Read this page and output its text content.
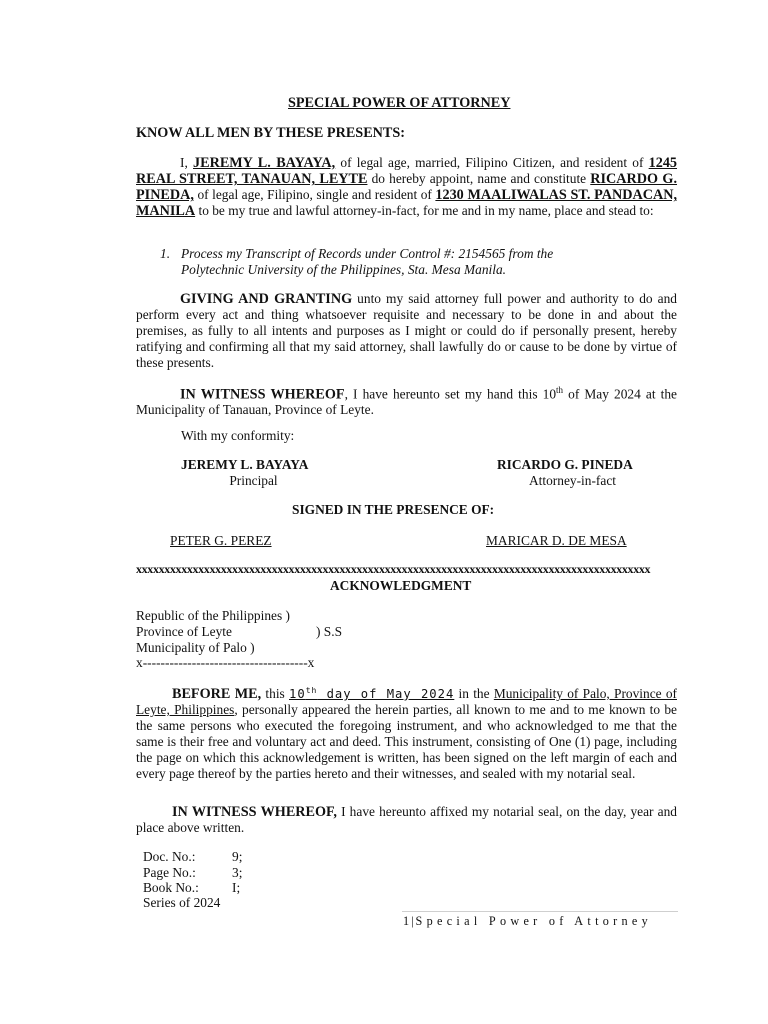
SPECIAL POWER OF ATTORNEY
KNOW ALL MEN BY THESE PRESENTS:
I, JEREMY L. BAYAYA, of legal age, married, Filipino Citizen, and resident of 1245 REAL STREET, TANAUAN, LEYTE do hereby appoint, name and constitute RICARDO G. PINEDA, of legal age, Filipino, single and resident of 1230 MAALIWALAS ST. PANDACAN, MANILA to be my true and lawful attorney-in-fact, for me and in my name, place and stead to:
1. Process my Transcript of Records under Control #: 2154565 from the
Polytechnic University of the Philippines, Sta. Mesa Manila.
GIVING AND GRANTING unto my said attorney full power and authority to do and perform every act and thing whatsoever requisite and necessary to be done in and about the premises, as fully to all intents and purposes as I might or could do if personally present, hereby ratifying and confirming all that my said attorney, shall lawfully do or cause to be done by virtue of these presents.
IN WITNESS WHEREOF, I have hereunto set my hand this 10th of May 2024 at the Municipality of Tanauan, Province of Leyte.
With my conformity:
JEREMY L. BAYAYA
Principal
RICARDO G. PINEDA
Attorney-in-fact
SIGNED IN THE PRESENCE OF:
PETER G. PEREZ	MARICAR D. DE MESA
xxxxxxxxxxxxxxxxxxxxxxxxxxxxxxxxxxxxxxxxxxxxxxxxxxxxxxxxxxxxxxxxxxxxxxxxxxxxxxxxxxxxxxxxxxx
ACKNOWLEDGMENT
Republic of the Philippines )
Province of Leyte	) S.S
Municipality of Palo )
x-------------------------------------x
BEFORE ME, this 10th day of May 2024 in the Municipality of Palo, Province of Leyte, Philippines, personally appeared the herein parties, all known to me and to me known to be the same persons who executed the foregoing instrument, and who acknowledged to me that the same is their free and voluntary act and deed. This instrument, consisting of One (1) page, including the page on which this acknowledgement is written, has been signed on the left margin of each and every page thereof by the parties hereto and their witnesses, and sealed with my notarial seal.
IN WITNESS WHEREOF, I have hereunto affixed my notarial seal, on the day, year and place above written.
Doc. No.:	9;
Page No.:	3;
Book No.: I;
Series of 2024
1 | Special Power of Attorney
